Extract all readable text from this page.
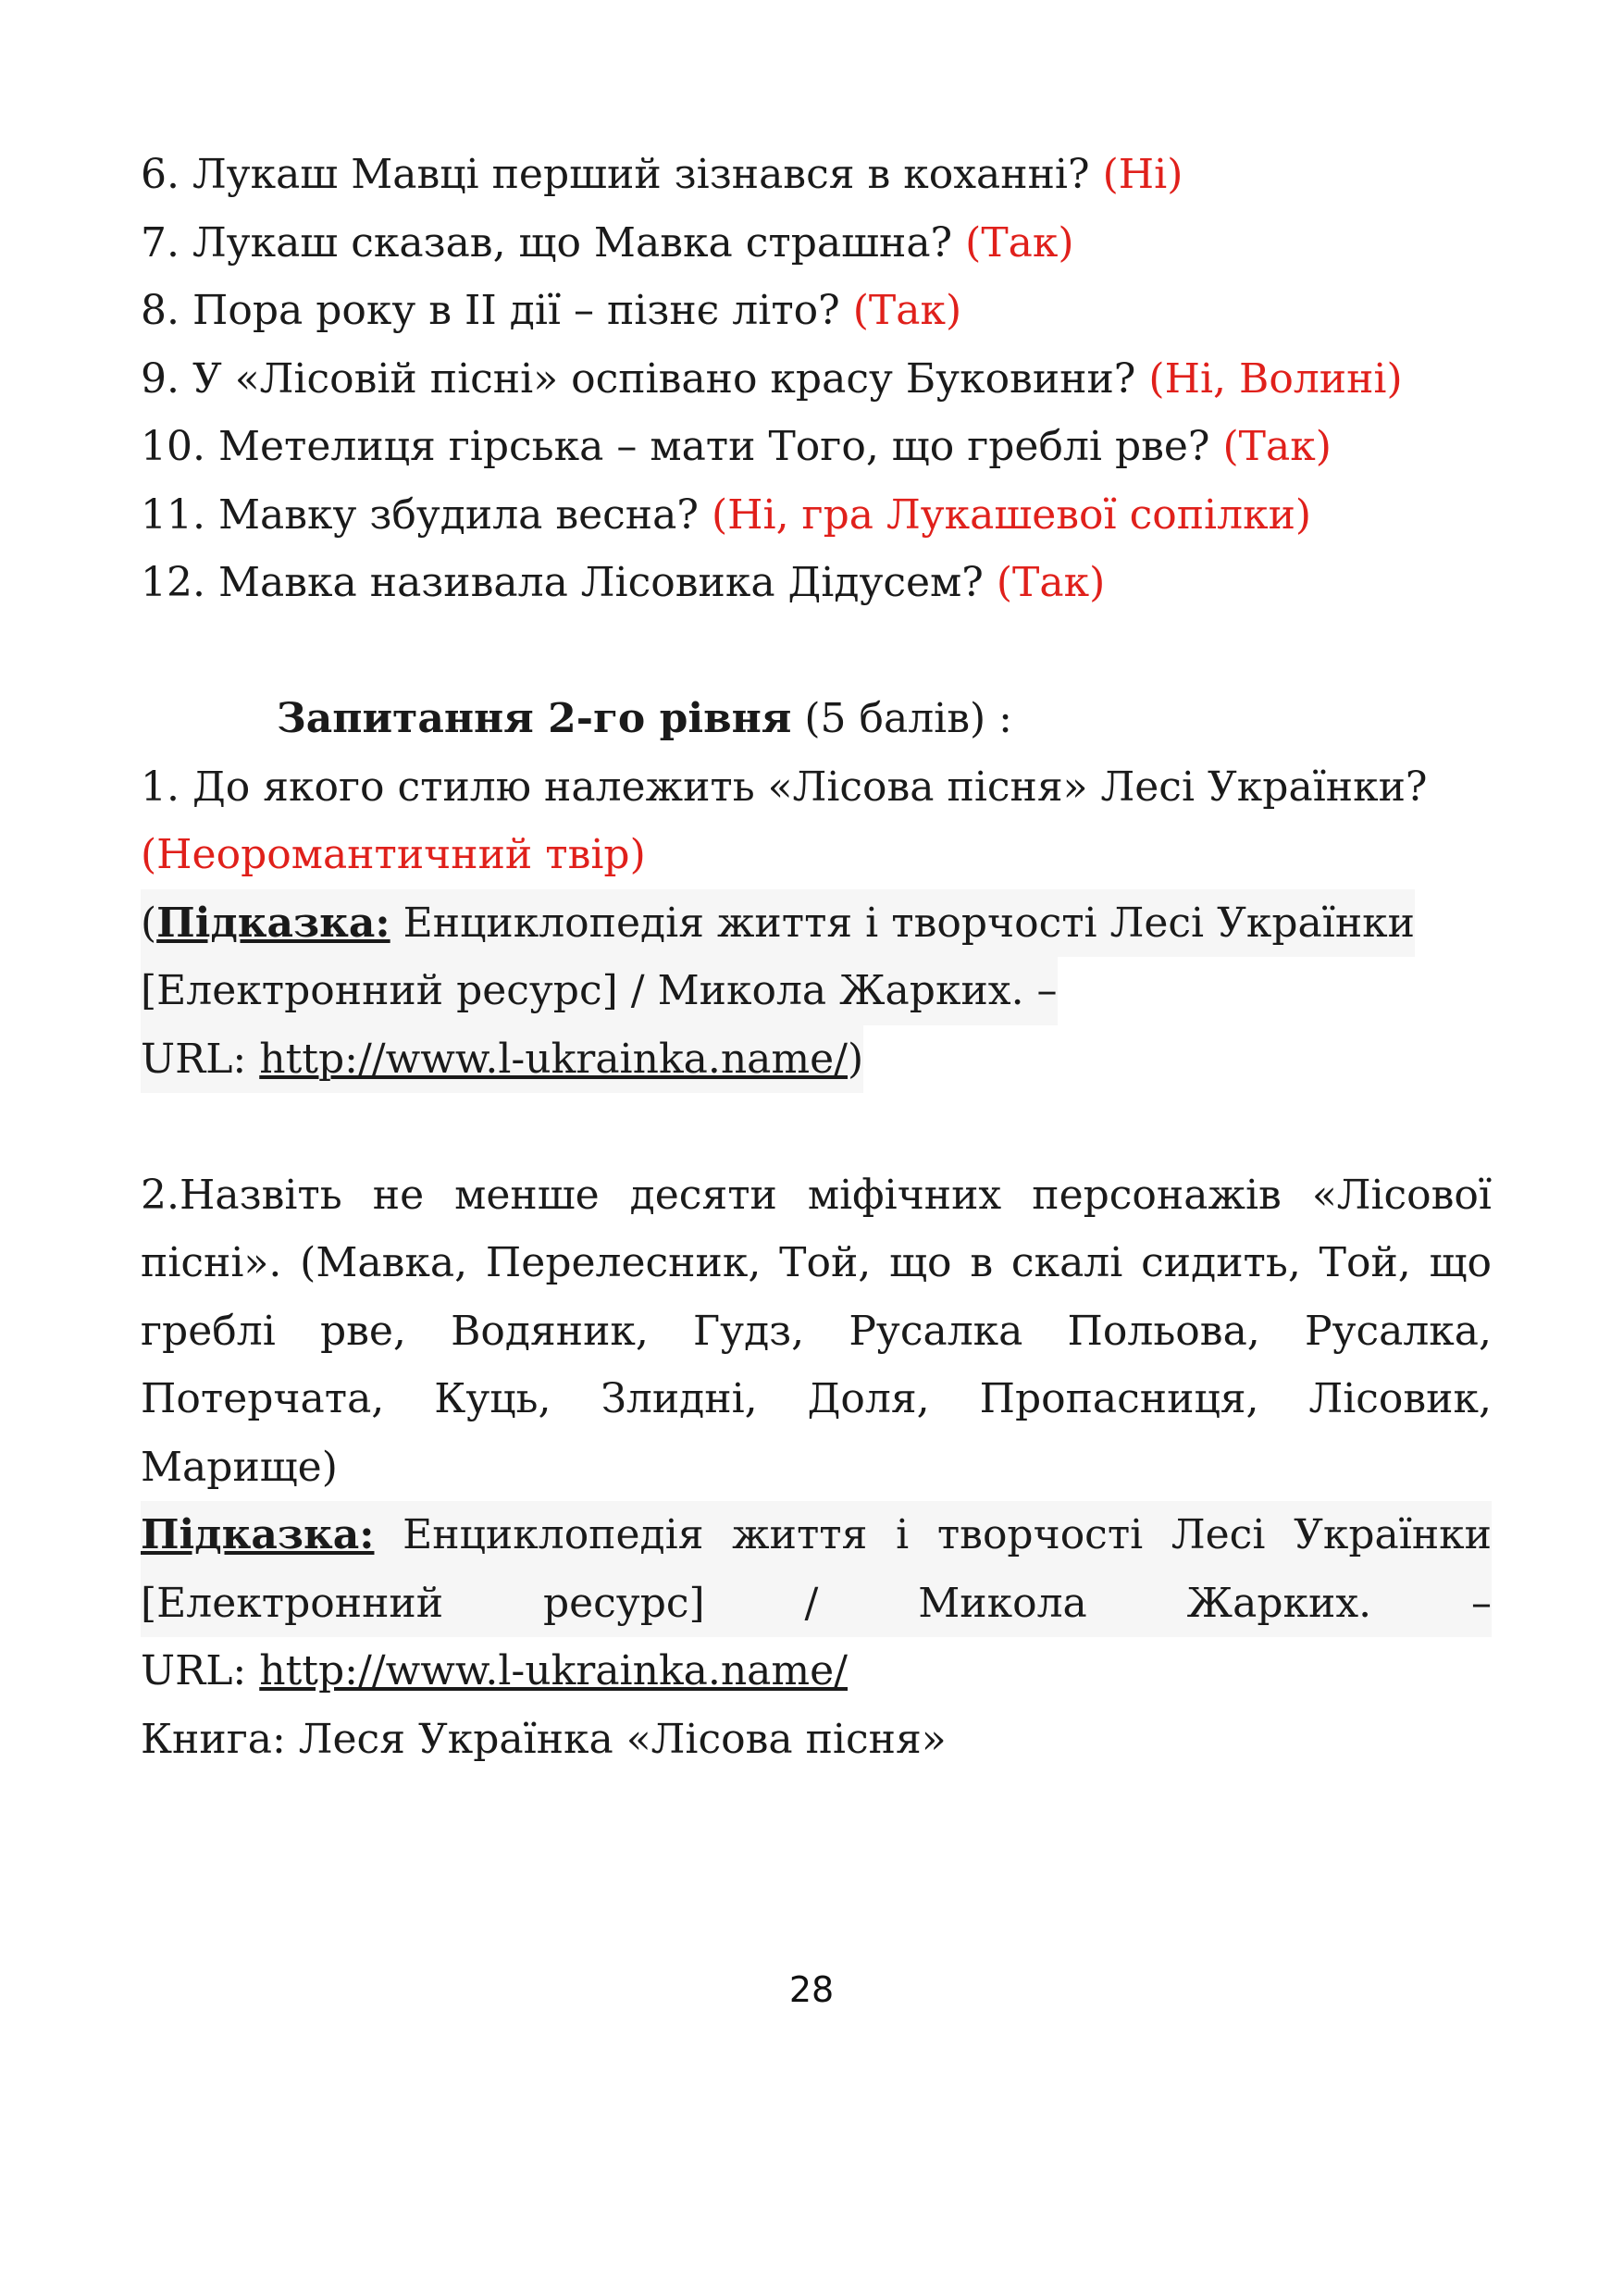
6. Лукаш Мавці перший зізнався в коханні? (Ні)
7. Лукаш сказав, що Мавка страшна? (Так)
8. Пора року в ІІ дії – пізнє літо? (Так)
9. У «Лісовій пісні» оспівано красу Буковини? (Ні, Волині)
10. Метелиця гірська – мати Того, що греблі рве? (Так)
11. Мавку збудила весна? (Ні, гра Лукашевої сопілки)
12. Мавка називала Лісовика Дідусем? (Так)
Запитання 2-го рівня (5 балів) :
1. До якого стилю належить «Лісова пісня» Лесі Українки?
(Неоромантичний твір)
(Підказка: Енциклопедія життя і творчості Лесі Українки
[Електронний ресурс] / Микола Жарких. –
URL: http://www.l-ukrainka.name/)
2.Назвіть не менше десяти міфічних персонажів «Лісової пісні». (Мавка, Перелесник, Той, що в скалі сидить, Той, що греблі рве, Водяник, Гудз, Русалка Польова, Русалка, Потерчата, Куць, Злидні, Доля, Пропасниця, Лісовик, Марище)
Підказка: Енциклопедія життя і творчості Лесі Українки
[Електронний ресурс] / Микола Жарких. –
URL: http://www.l-ukrainka.name/
Книга: Леся Українка «Лісова пісня»
28
